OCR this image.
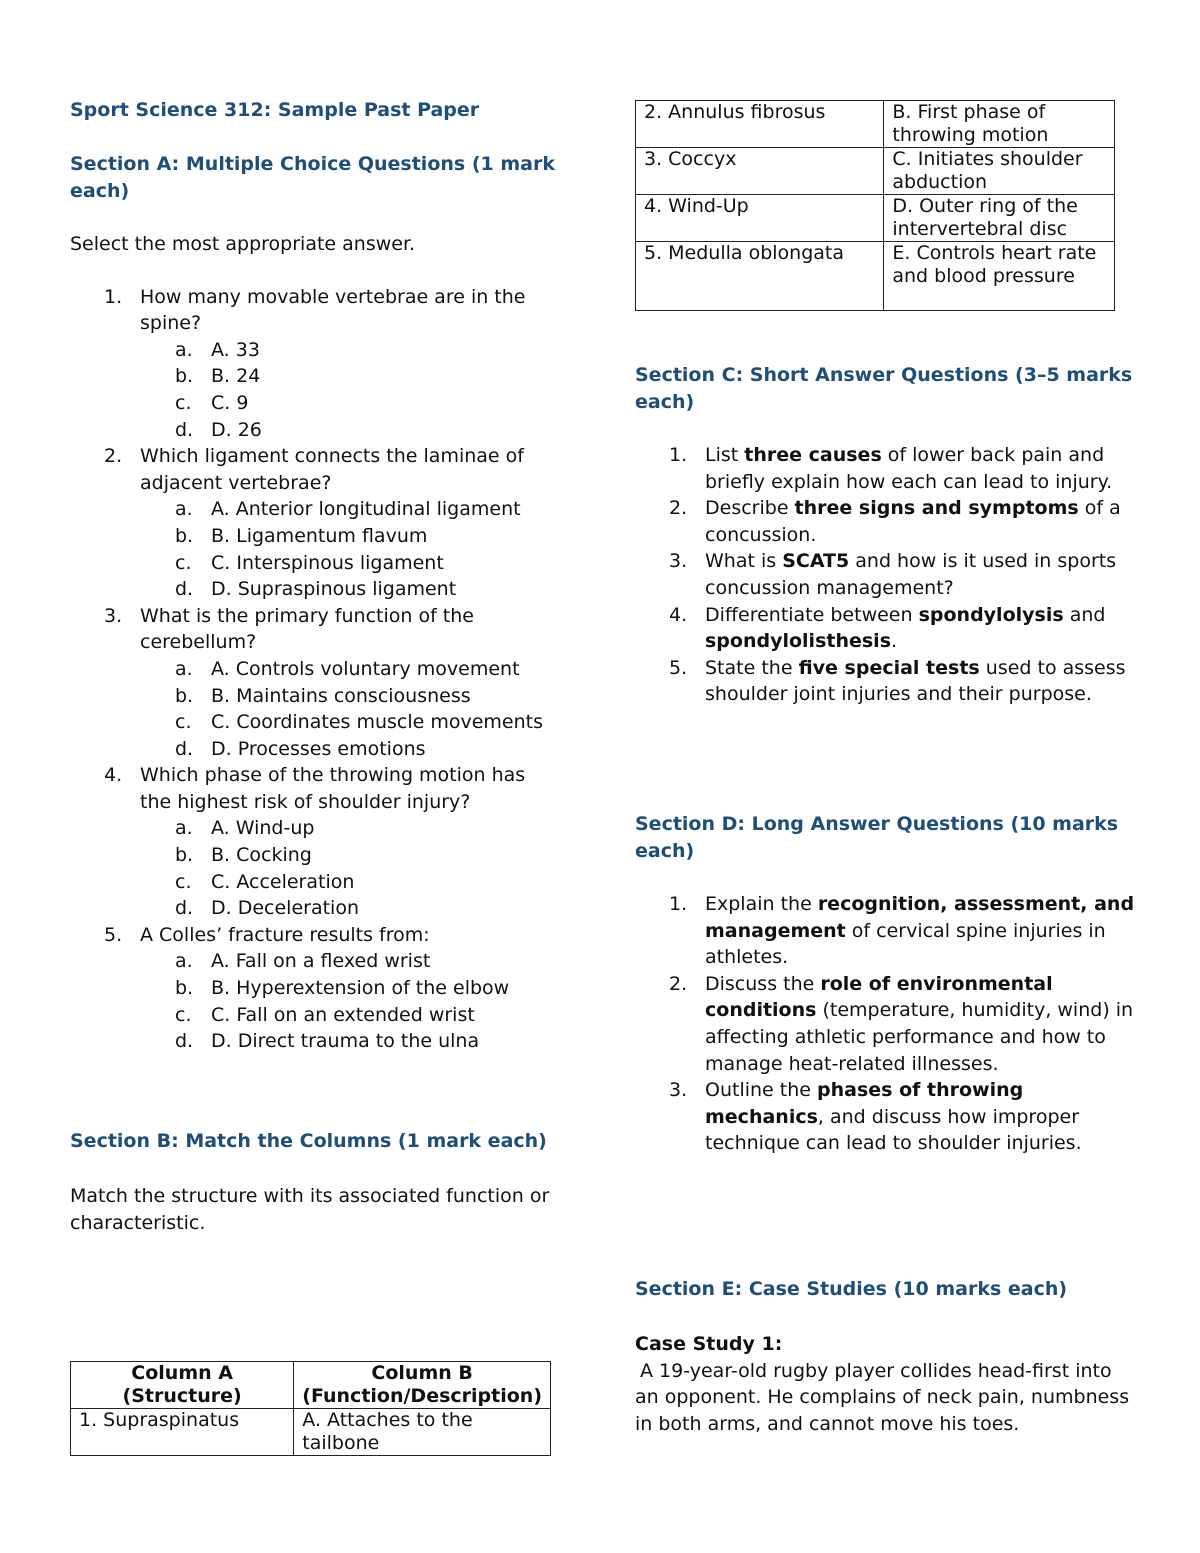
Sport Science 312: Sample Past Paper

Section A: Multiple Choice Questions (1 mark each)

Select the most appropriate answer.

1. How many movable vertebrae are in the spine?
a. A. 33
b. B. 24
c. C. 9
d. D. 26
2. Which ligament connects the laminae of adjacent vertebrae?
a. A. Anterior longitudinal ligament
b. B. Ligamentum flavum
c. C. Interspinous ligament
d. D. Supraspinous ligament
3. What is the primary function of the cerebellum?
a. A. Controls voluntary movement
b. B. Maintains consciousness
c. C. Coordinates muscle movements
d. D. Processes emotions
4. Which phase of the throwing motion has the highest risk of shoulder injury?
a. A. Wind-up
b. B. Cocking
c. C. Acceleration
d. D. Deceleration
5. A Colles’ fracture results from:
a. A. Fall on a flexed wrist
b. B. Hyperextension of the elbow
c. C. Fall on an extended wrist
d. D. Direct trauma to the ulna

Section B: Match the Columns (1 mark each)

Match the structure with its associated function or characteristic.

Column A (Structure)	Column B (Function/Description)
1. Supraspinatus	A. Attaches to the tailbone
2. Annulus fibrosus	B. First phase of throwing motion
3. Coccyx	C. Initiates shoulder abduction
4. Wind-Up	D. Outer ring of the intervertebral disc
5. Medulla oblongata	E. Controls heart rate and blood pressure

Section C: Short Answer Questions (3–5 marks each)

1. List three causes of lower back pain and briefly explain how each can lead to injury.
2. Describe three signs and symptoms of a concussion.
3. What is SCAT5 and how is it used in sports concussion management?
4. Differentiate between spondylolysis and spondylolisthesis.
5. State the five special tests used to assess shoulder joint injuries and their purpose.

Section D: Long Answer Questions (10 marks each)

1. Explain the recognition, assessment, and management of cervical spine injuries in athletes.
2. Discuss the role of environmental conditions (temperature, humidity, wind) in affecting athletic performance and how to manage heat-related illnesses.
3. Outline the phases of throwing mechanics, and discuss how improper technique can lead to shoulder injuries.

Section E: Case Studies (10 marks each)

Case Study 1:

A 19-year-old rugby player collides head-first into an opponent. He complains of neck pain, numbness in both arms, and cannot move his toes.
